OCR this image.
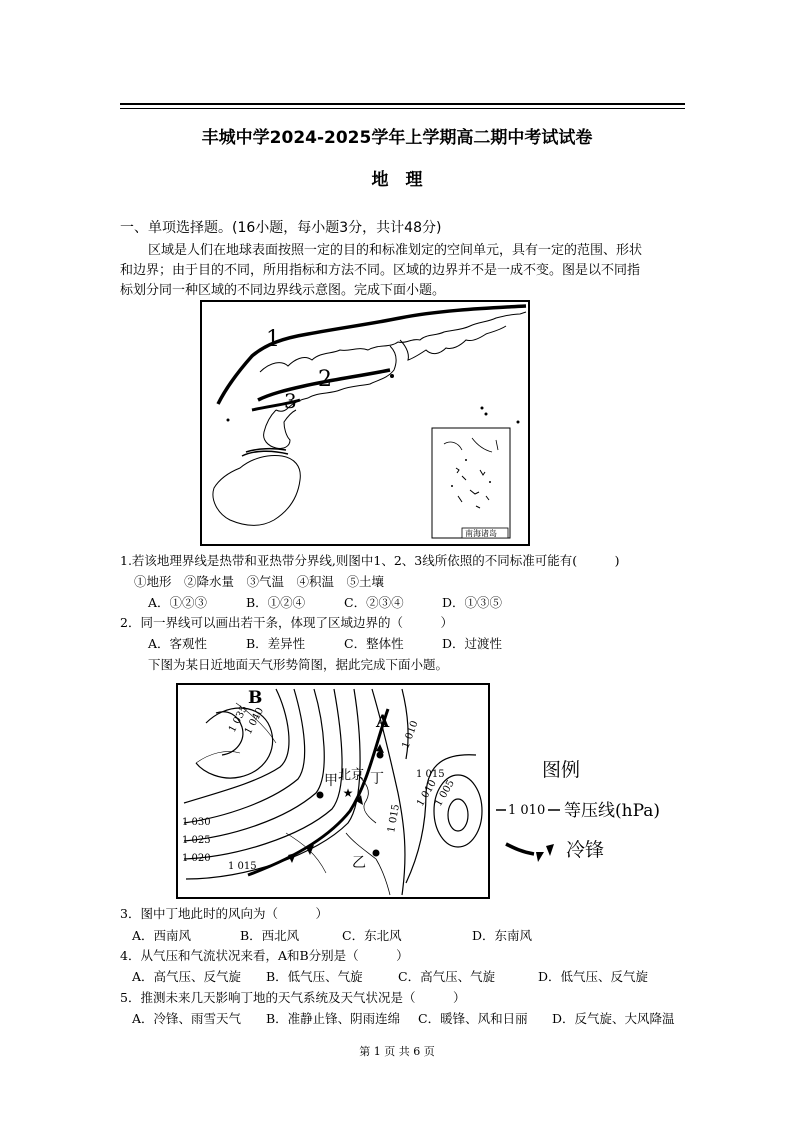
丰城中学2024-2025学年上学期高二期中考试试卷
地　理
一、单项选择题。(16小题，每小题3分，共计48分)
区域是人们在地球表面按照一定的目的和标准划定的空间单元，具有一定的范围、形状
和边界；由于目的不同，所用指标和方法不同。区域的边界并不是一成不变。图是以不同指
标划分同一种区域的不同边界线示意图。完成下面小题。
1
2
3
南海诸岛
1.若该地理界线是热带和亚热带分界线,则图中1、2、3线所依照的不同标准可能有(　　　)
①地形　②降水量　③气温　④积温　⑤土壤
A．①②③	B．①②④	C．②③④	D．①③⑤
2．同一界线可以画出若干条，体现了区域边界的（　　　）
A．客观性	B．差异性	C．整体性	D．过渡性
下图为某日近地面天气形势简图，据此完成下面小题。
★
B
A
甲 北京 丁
乙
1 040
1 035
1 030
1 025
1 020
1 015
1 010
1 015
1 010
1 005
1 015
图例
1 010 等压线(hPa)
冷锋
3．图中丁地此时的风向为（　　　）
A．西南风	B．西北风	C．东北风	D．东南风
4．从气压和气流状况来看，A和B分别是（　　　）
A．高气压、反气旋 B．低气压、气旋	C．高气压、气旋	D．低气压、反气旋
5．推测未来几天影响丁地的天气系统及天气状况是（　　　）
A．冷锋、雨雪天气 B．准静止锋、阴雨连绵 C．暖锋、风和日丽 D．反气旋、大风降温
第 1 页 共 6 页
